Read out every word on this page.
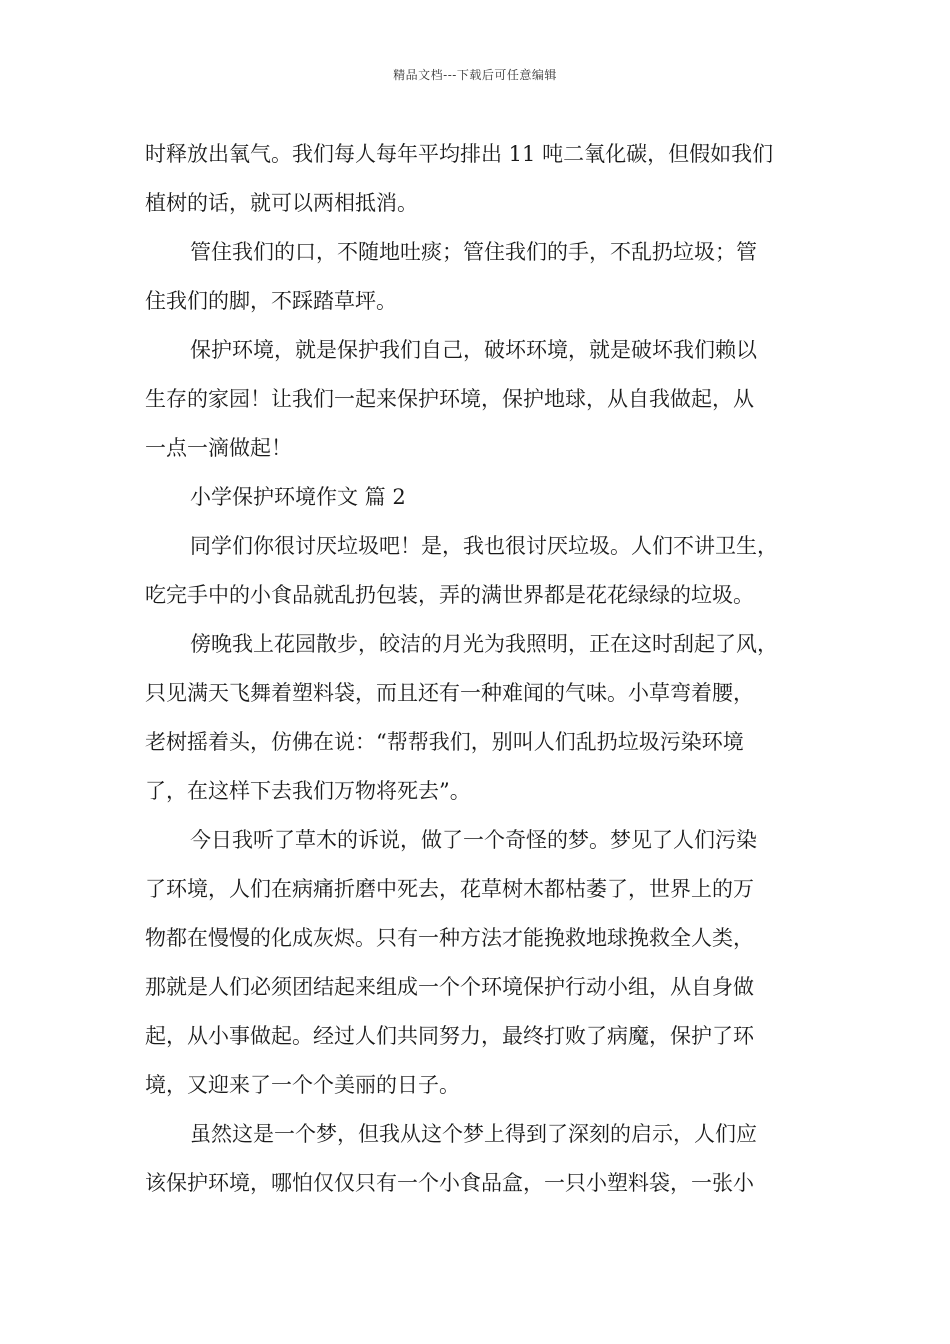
精品文档---下载后可任意编辑
时释放出氧气。我们每人每年平均排出 11 吨二氧化碳，但假如我们
植树的话，就可以两相抵消。
管住我们的口，不随地吐痰；管住我们的手，不乱扔垃圾；管
住我们的脚，不踩踏草坪。
保护环境，就是保护我们自己，破坏环境，就是破坏我们赖以
生存的家园！让我们一起来保护环境，保护地球，从自我做起，从
一点一滴做起！
小学保护环境作文 篇 2
同学们你很讨厌垃圾吧！是，我也很讨厌垃圾。人们不讲卫生，
吃完手中的小食品就乱扔包装，弄的满世界都是花花绿绿的垃圾。
傍晚我上花园散步，皎洁的月光为我照明，正在这时刮起了风，
只见满天飞舞着塑料袋，而且还有一种难闻的气味。小草弯着腰，
老树摇着头，仿佛在说：“帮帮我们，别叫人们乱扔垃圾污染环境
了，在这样下去我们万物将死去”。
今日我听了草木的诉说，做了一个奇怪的梦。梦见了人们污染
了环境，人们在病痛折磨中死去，花草树木都枯萎了，世界上的万
物都在慢慢的化成灰烬。只有一种方法才能挽救地球挽救全人类，
那就是人们必须团结起来组成一个个环境保护行动小组，从自身做
起，从小事做起。经过人们共同努力，最终打败了病魔，保护了环
境，又迎来了一个个美丽的日子。
虽然这是一个梦，但我从这个梦上得到了深刻的启示，人们应
该保护环境，哪怕仅仅只有一个小食品盒，一只小塑料袋，一张小
